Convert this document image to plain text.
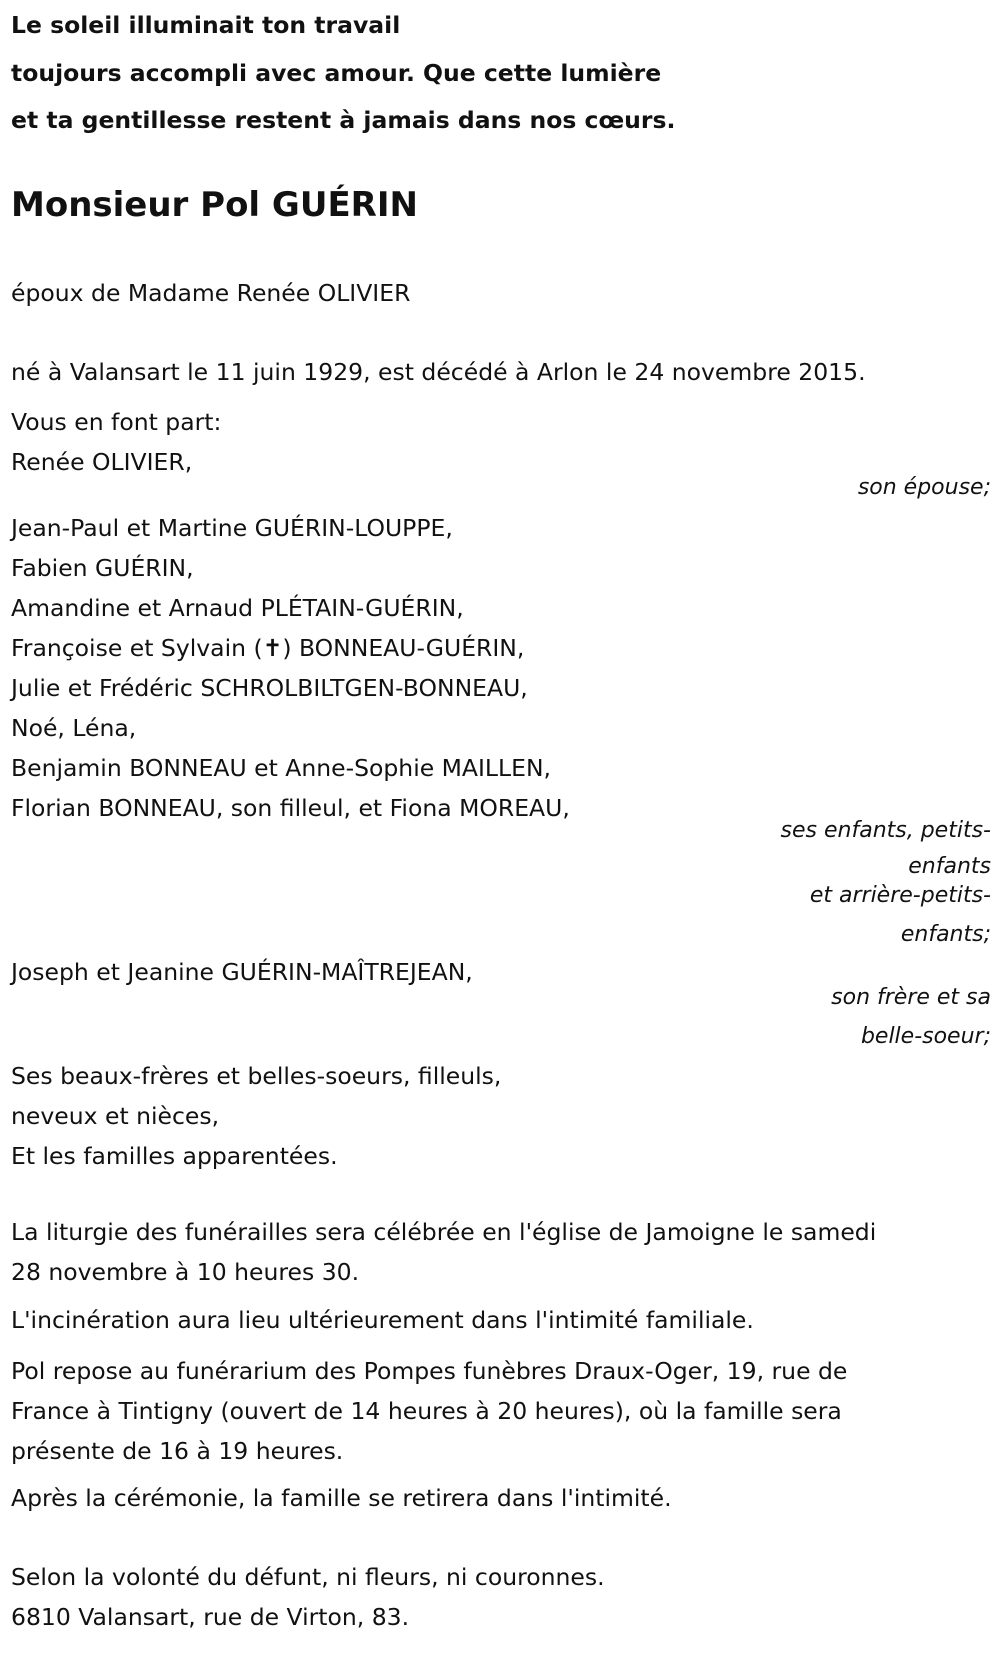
Le soleil illuminait ton travail
toujours accompli avec amour. Que cette lumière
et ta gentillesse restent à jamais dans nos cœurs.
Monsieur Pol GUÉRIN
époux de Madame Renée OLIVIER
né à Valansart le 11 juin 1929, est décédé à Arlon le 24 novembre 2015.
Vous en font part:
Renée OLIVIER,
son épouse;
Jean-Paul et Martine GUÉRIN-LOUPPE,
Fabien GUÉRIN,
Amandine et Arnaud PLÉTAIN-GUÉRIN,
Françoise et Sylvain (✝) BONNEAU-GUÉRIN,
Julie et Frédéric SCHROLBILTGEN-BONNEAU,
Noé, Léna,
Benjamin BONNEAU et Anne-Sophie MAILLEN,
Florian BONNEAU, son filleul, et Fiona MOREAU,
ses enfants, petits-
enfants
et arrière-petits-
enfants;
Joseph et Jeanine GUÉRIN-MAÎTREJEAN,
son frère et sa
belle-soeur;
Ses beaux-frères et belles-soeurs, filleuls,
neveux et nièces,
Et les familles apparentées.
La liturgie des funérailles sera célébrée en l'église de Jamoigne le samedi
28 novembre à 10 heures 30.
L'incinération aura lieu ultérieurement dans l'intimité familiale.
Pol repose au funérarium des Pompes funèbres Draux-Oger, 19, rue de
France à Tintigny (ouvert de 14 heures à 20 heures), où la famille sera
présente de 16 à 19 heures.
Après la cérémonie, la famille se retirera dans l'intimité.
Selon la volonté du défunt, ni fleurs, ni couronnes.
6810 Valansart, rue de Virton, 83.
